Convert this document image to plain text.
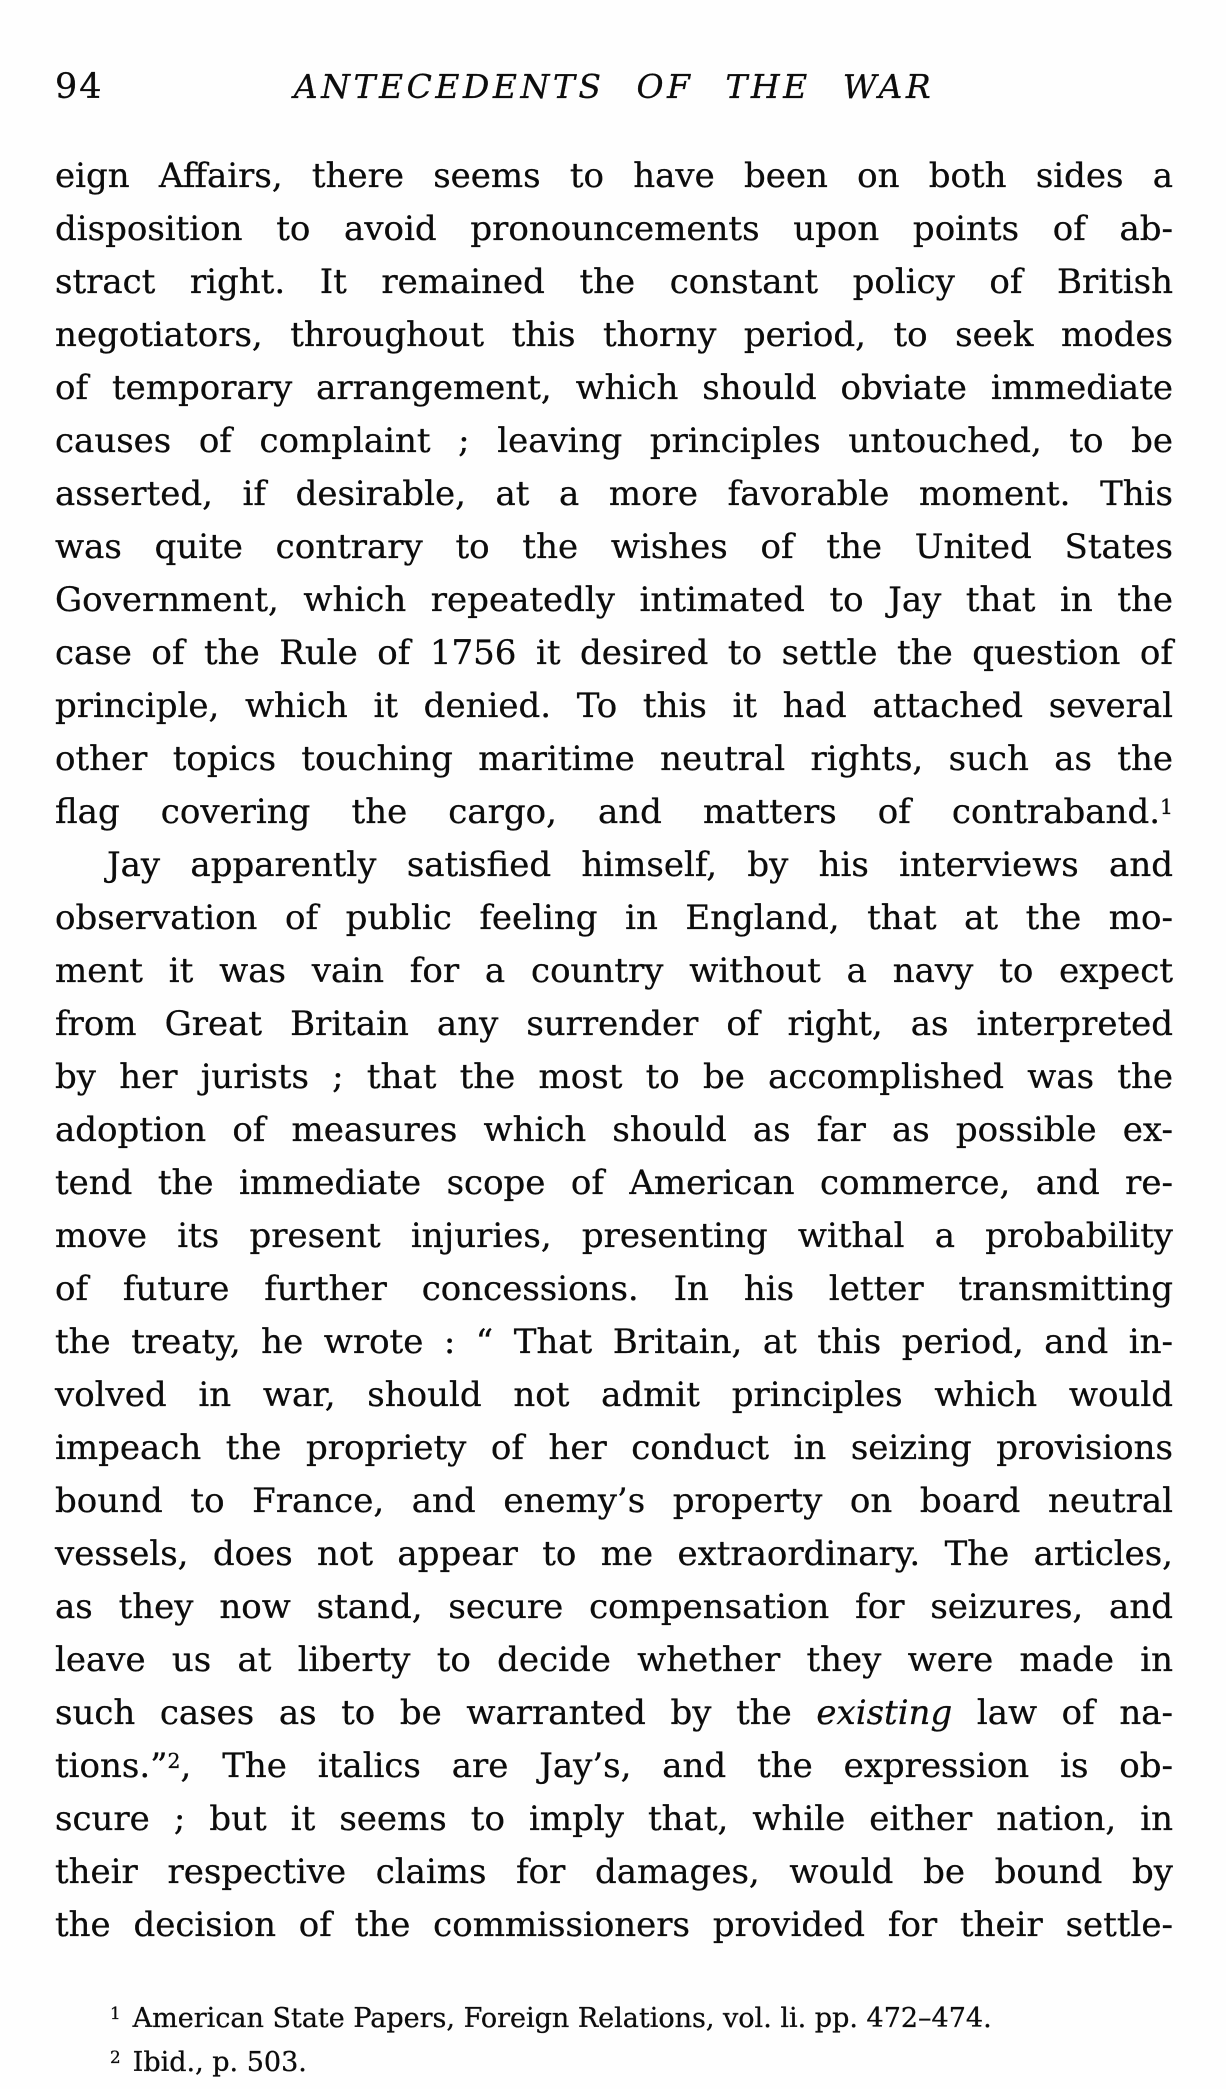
94	ANTECEDENTS OF THE WAR
eign Affairs, there seems to have been on both sides a
disposition to avoid pronouncements upon points of ab-
stract right. It remained the constant policy of British
negotiators, throughout this thorny period, to seek modes
of temporary arrangement, which should obviate immediate
causes of complaint ; leaving principles untouched, to be
asserted, if desirable, at a more favorable moment. This
was quite contrary to the wishes of the United States
Government, which repeatedly intimated to Jay that in the
case of the Rule of 1756 it desired to settle the question of
principle, which it denied. To this it had attached several
other topics touching maritime neutral rights, such as the
flag covering the cargo, and matters of contraband.$^1$
Jay apparently satisfied himself, by his interviews and
observation of public feeling in England, that at the mo-
ment it was vain for a country without a navy to expect
from Great Britain any surrender of right, as interpreted
by her jurists ; that the most to be accomplished was the
adoption of measures which should as far as possible ex-
tend the immediate scope of American commerce, and re-
move its present injuries, presenting withal a probability
of future further concessions. In his letter transmitting
the treaty, he wrote : “ That Britain, at this period, and in-
volved in war, should not admit principles which would
impeach the propriety of her conduct in seizing provisions
bound to France, and enemy’s property on board neutral
vessels, does not appear to me extraordinary. The articles,
as they now stand, secure compensation for seizures, and
leave us at liberty to decide whether they were made in
such cases as to be warranted by the existing law of na-
tions.”$^2$, The italics are Jay’s, and the expression is ob-
scure ; but it seems to imply that, while either nation, in
their respective claims for damages, would be bound by
the decision of the commissioners provided for their settle-
$^1$ American State Papers, Foreign Relations, vol. li. pp. 472–474.
$^2$ Ibid., p. 503.
